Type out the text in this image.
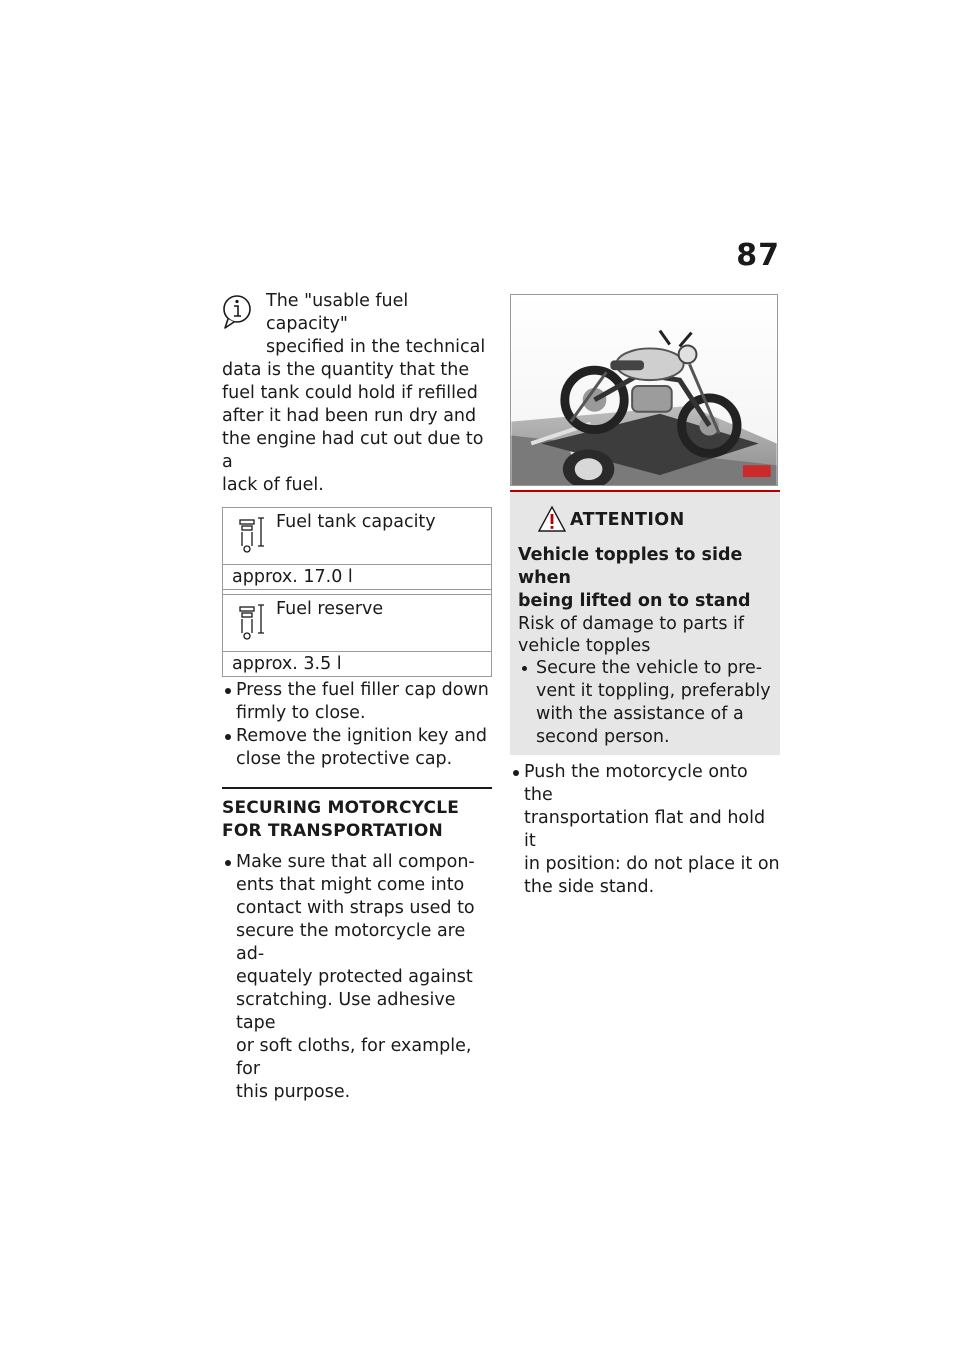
87

The "usable fuel capacity"
specified in the technical
data is the quantity that the
fuel tank could hold if refilled
after it had been run dry and
the engine had cut out due to a
lack of fuel.

Fuel tank capacity
approx. 17.0 l
Fuel reserve
approx. 3.5 l
Press the fuel filler cap down
firmly to close.
Remove the ignition key and
close the protective cap.
SECURING MOTORCYCLE
FOR TRANSPORTATION
Make sure that all compon-
ents that might come into
contact with straps used to
secure the motorcycle are ad-
equately protected against
scratching. Use adhesive tape
or soft cloths, for example, for
this purpose.
ATTENTION

Vehicle topples to side when
being lifted on to stand

Risk of damage to parts if
vehicle topples

Secure the vehicle to pre-
vent it toppling, preferably
with the assistance of a
second person.
Push the motorcycle onto the
transportation flat and hold it
in position: do not place it on
the side stand.
